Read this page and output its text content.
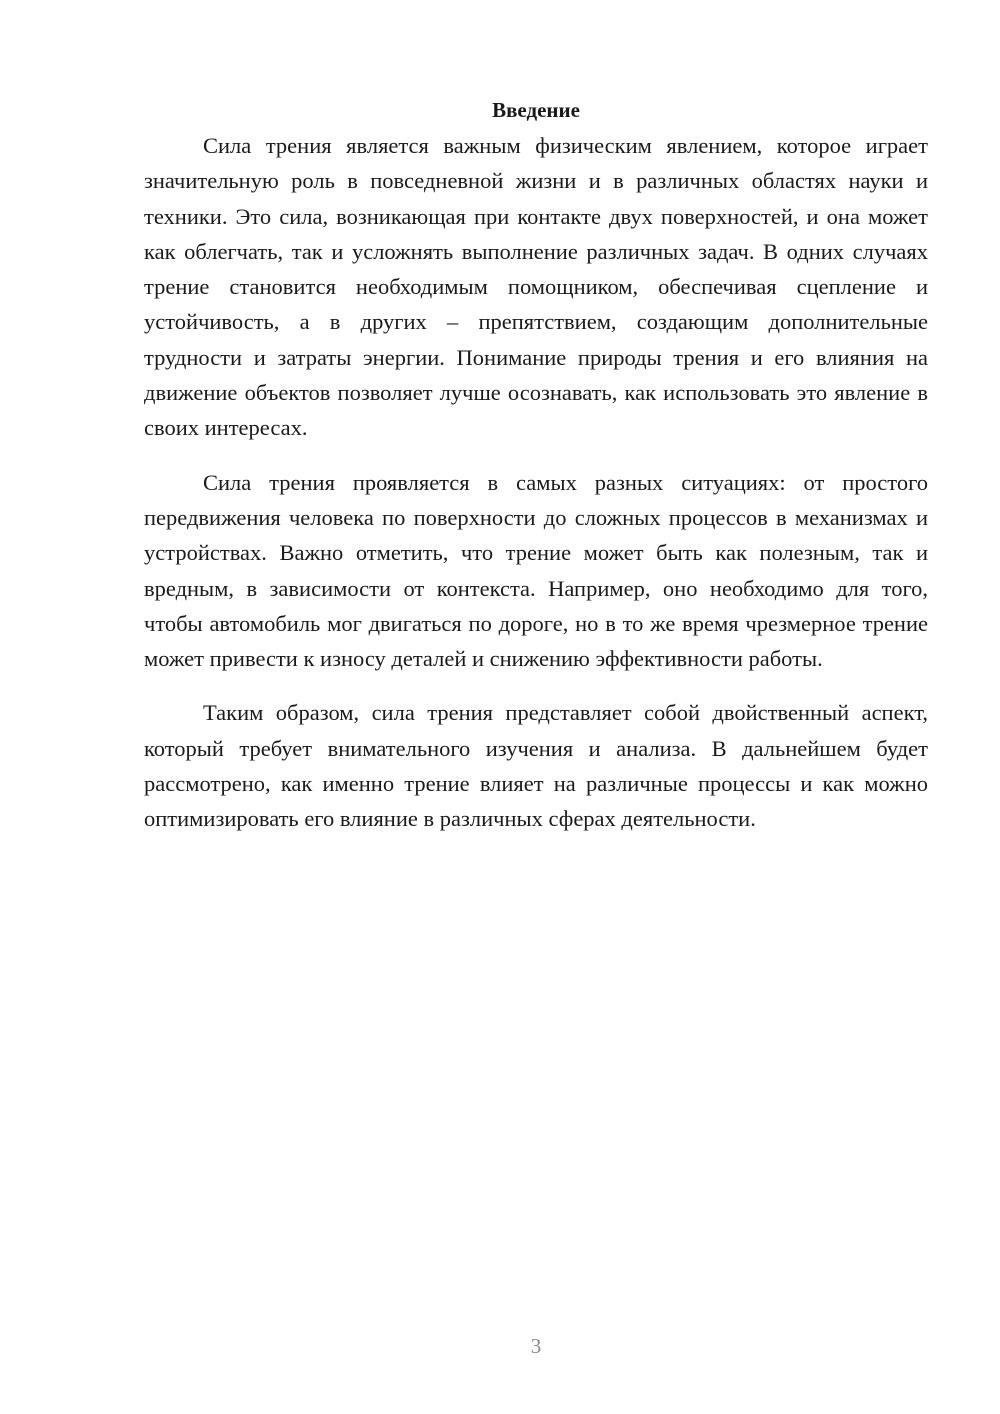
Введение

Сила трения является важным физическим явлением, которое играет значительную роль в повседневной жизни и в различных областях науки и техники. Это сила, возникающая при контакте двух поверхностей, и она может как облегчать, так и усложнять выполнение различных задач. В одних случаях трение становится необходимым помощником, обеспечивая сцепление и устойчивость, а в других – препятствием, создающим дополнительные трудности и затраты энергии. Понимание природы трения и его влияния на движение объектов позволяет лучше осознавать, как использовать это явление в своих интересах.

Сила трения проявляется в самых разных ситуациях: от простого передвижения человека по поверхности до сложных процессов в механизмах и устройствах. Важно отметить, что трение может быть как полезным, так и вредным, в зависимости от контекста. Например, оно необходимо для того, чтобы автомобиль мог двигаться по дороге, но в то же время чрезмерное трение может привести к износу деталей и снижению эффективности работы.

Таким образом, сила трения представляет собой двойственный аспект, который требует внимательного изучения и анализа. В дальнейшем будет рассмотрено, как именно трение влияет на различные процессы и как можно оптимизировать его влияние в различных сферах деятельности.

3
